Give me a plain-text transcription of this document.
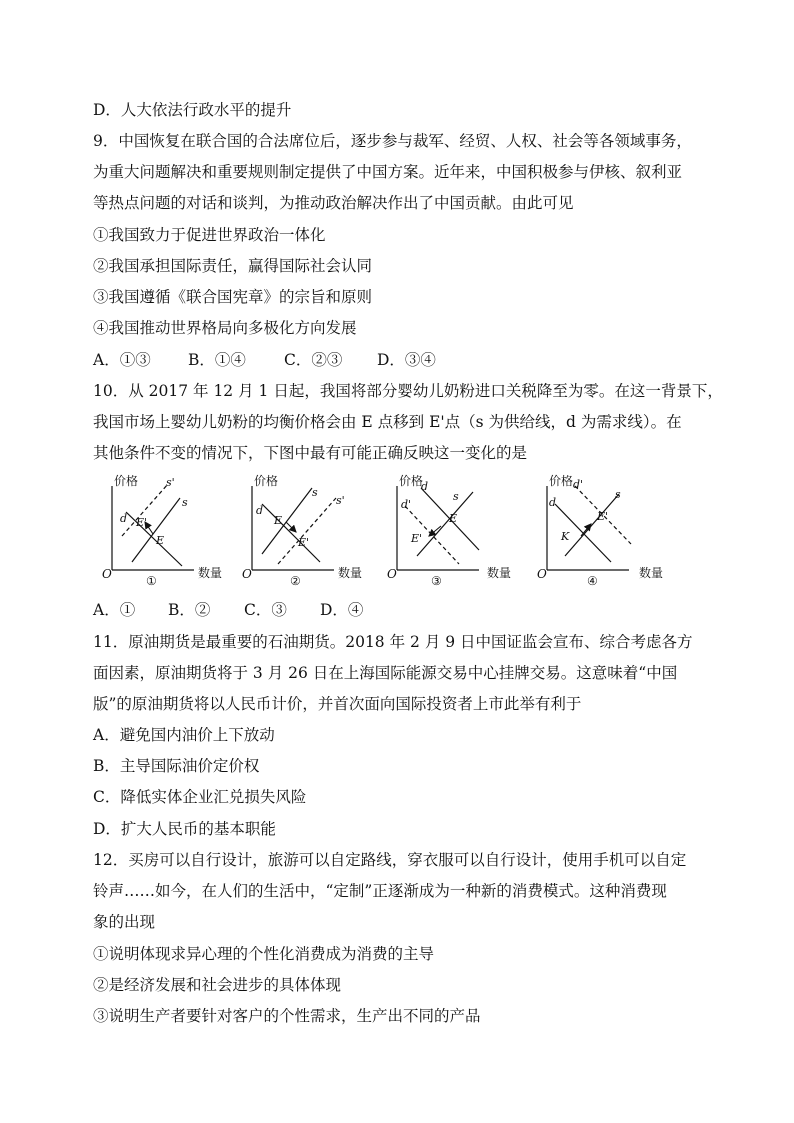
D．人大依法行政水平的提升
9．中国恢复在联合国的合法席位后，逐步参与裁军、经贸、人权、社会等各领域事务，
为重大问题解决和重要规则制定提供了中国方案。近年来，中国积极参与伊核、叙利亚
等热点问题的对话和谈判，为推动政治解决作出了中国贡献。由此可见
①我国致力于促进世界政治一体化
②我国承担国际责任，赢得国际社会认同
③我国遵循《联合国宪章》的宗旨和原则
④我国推动世界格局向多极化方向发展
A．①③ B．①④ C．②③ D．③④
10．从 2017 年 12 月 1 日起，我国将部分婴幼儿奶粉进口关税降至为零。在这一背景下，
我国市场上婴幼儿奶粉的均衡价格会由 E 点移到 E'点（s 为供给线，d 为需求线）。在
其他条件不变的情况下，下图中最有可能正确反映这一变化的是
价格
O	数量
d
s'
s
E'
E
①
价格
O	数量
d
s
s'
E
E'
②
价格
O	数量
d
d'
s
E
E'
③
价格
O	数量
d'
d
s
E'
K
④
A．① B．② C．③ D．④
11．原油期货是最重要的石油期货。2018 年 2 月 9 日中国证监会宣布、综合考虑各方
面因素，原油期货将于 3 月 26 日在上海国际能源交易中心挂牌交易。这意味着“中国
版”的原油期货将以人民币计价，并首次面向国际投资者上市此举有利于
A．避免国内油价上下放动
B．主导国际油价定价权
C．降低实体企业汇兑损失风险
D．扩大人民币的基本职能
12．买房可以自行设计，旅游可以自定路线，穿衣服可以自行设计，使用手机可以自定
铃声……如今，在人们的生活中，“定制”正逐渐成为一种新的消费模式。这种消费现
象的出现
①说明体现求异心理的个性化消费成为消费的主导
②是经济发展和社会进步的具体体现
③说明生产者要针对客户的个性需求，生产出不同的产品
